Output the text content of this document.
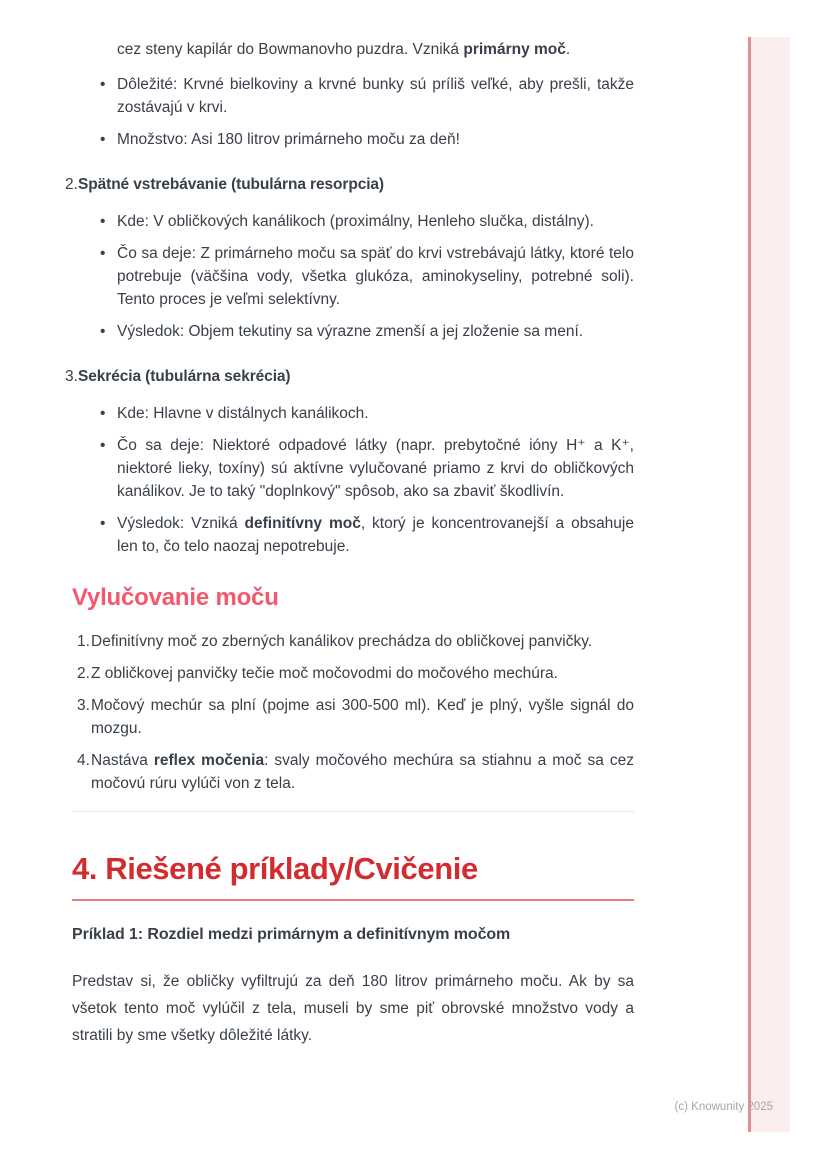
cez steny kapilár do Bowmanovho puzdra. Vzniká primárny moč.

•
Dôležité: Krvné bielkoviny a krvné bunky sú príliš veľké, aby prešli, takže zostávajú v krvi.
•
Množstvo: Asi 180 litrov primárneho moču za deň!
2. Spätné vstrebávanie (tubulárna resorpcia)
•
Kde: V obličkových kanálikoch (proximálny, Henleho slučka, distálny).
•
Čo sa deje: Z primárneho moču sa späť do krvi vstrebávajú látky, ktoré telo potrebuje (väčšina vody, všetka glukóza, aminokyseliny, potrebné soli). Tento proces je veľmi selektívny.
•
Výsledok: Objem tekutiny sa výrazne zmenší a jej zloženie sa mení.
3. Sekrécia (tubulárna sekrécia)
•
Kde: Hlavne v distálnych kanálikoch.
•
Čo sa deje: Niektoré odpadové látky (napr. prebytočné ióny H⁺ a K⁺, niektoré lieky, toxíny) sú aktívne vylučované priamo z krvi do obličkových kanálikov. Je to taký "doplnkový" spôsob, ako sa zbaviť škodlivín.
•
Výsledok: Vzniká definitívny moč, ktorý je koncentrovanejší a obsahuje len to, čo telo naozaj nepotrebuje.
Vylučovanie moču
1. Definitívny moč zo zberných kanálikov prechádza do obličkovej panvičky.
2. Z obličkovej panvičky tečie moč močovodmi do močového mechúra.
3. Močový mechúr sa plní (pojme asi 300-500 ml). Keď je plný, vyšle signál do mozgu.
4. Nastáva reflex močenia: svaly močového mechúra sa stiahnu a moč sa cez močovú rúru vylúči von z tela.
4. Riešené príklady/Cvičenie
Príklad 1: Rozdiel medzi primárnym a definitívnym močom

Predstav si, že obličky vyfiltrujú za deň 180 litrov primárneho moču. Ak by sa všetok tento moč vylúčil z tela, museli by sme piť obrovské množstvo vody a stratili by sme všetky dôležité látky.

(c) Knowunity 2025
